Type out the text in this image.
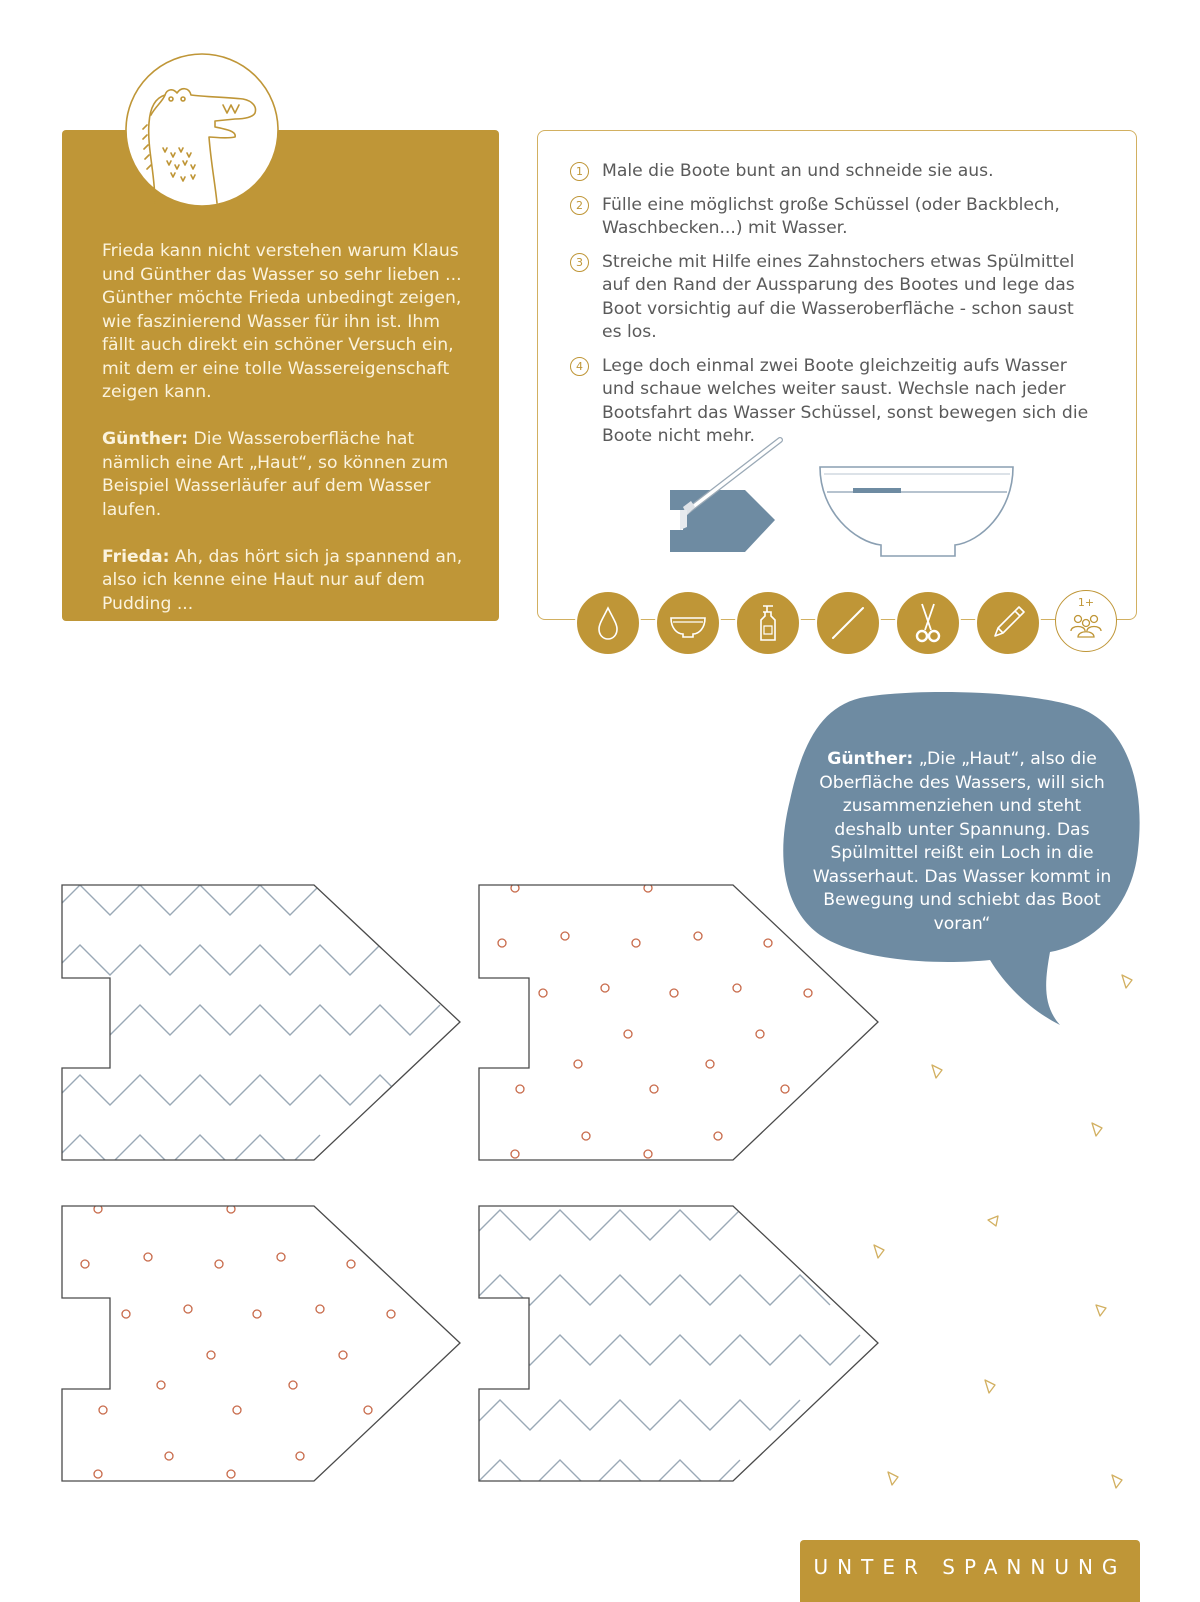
Frieda kann nicht verstehen warum Klaus und Günther das Wasser so sehr lieben ... Günther möchte Frieda unbedingt zeigen, wie faszinierend Wasser für ihn ist. Ihm fällt auch direkt ein schöner Versuch ein, mit dem er eine tolle Wassereigenschaft zeigen kann.

Günther: Die Wasseroberfläche hat nämlich eine Art „Haut“, so können zum Beispiel Wasserläufer auf dem Wasser laufen.

Frieda: Ah, das hört sich ja spannend an, also ich kenne eine Haut nur auf dem Pudding ...

1	Male die Boote bunt an und schneide sie aus.
2	Fülle eine möglichst große Schüssel (oder Backblech, Waschbecken...) mit Wasser.
3	Streiche mit Hilfe eines Zahnstochers etwas Spülmittel auf den Rand der Aussparung des Bootes und lege das Boot vorsichtig auf die Wasseroberfläche - schon saust es los.
4	Lege doch einmal zwei Boote gleichzeitig aufs Wasser und schaue welches weiter saust. Wechsle nach jeder Bootsfahrt das Wasser Schüssel, sonst bewegen sich die Boote nicht mehr.
1+
Günther: „Die „Haut“, also die Oberfläche des Wassers, will sich zusammenziehen und steht deshalb unter Spannung. Das Spülmittel reißt ein Loch in die Wasserhaut. Das Wasser kommt in Bewegung und schiebt das Boot voran“
UNTER SPANNUNG
